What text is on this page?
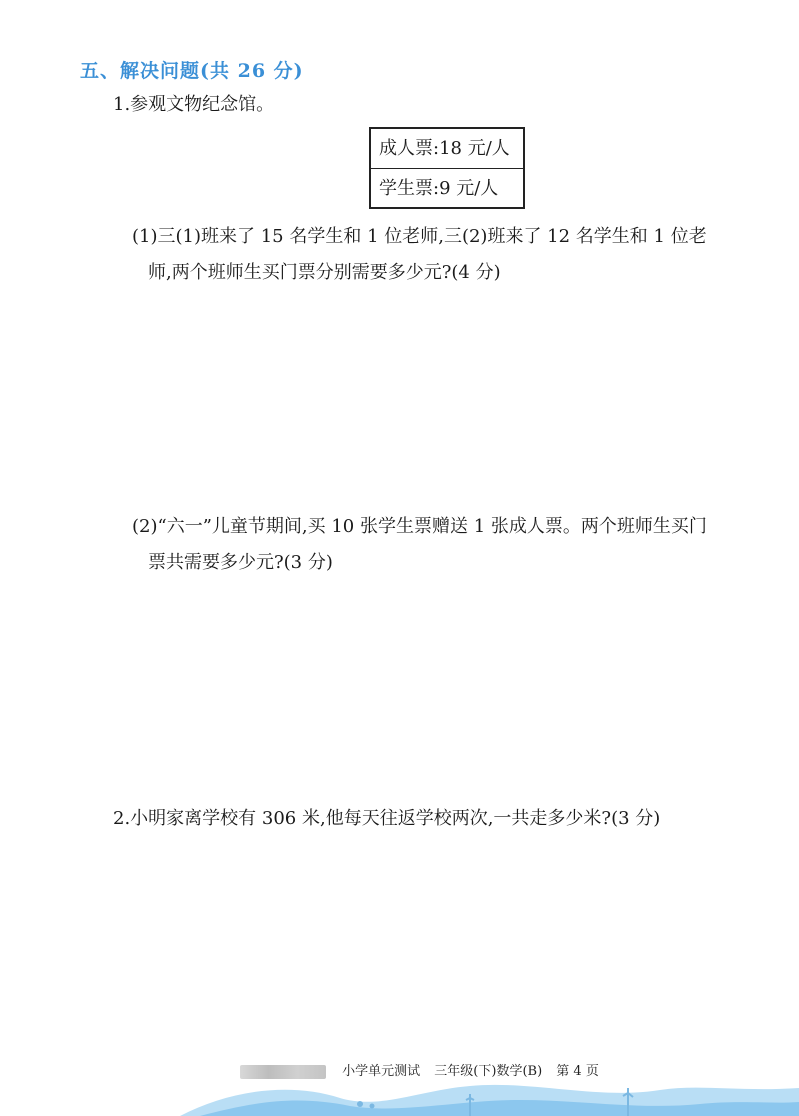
五、解决问题(共 26 分)
1.参观文物纪念馆。
成人票:18 元/人
学生票:9 元/人
(1)三(1)班来了 15 名学生和 1 位老师,三(2)班来了 12 名学生和 1 位老
师,两个班师生买门票分别需要多少元?(4 分)
(2)“六一”儿童节期间,买 10 张学生票赠送 1 张成人票。两个班师生买门
票共需要多少元?(3 分)
2.小明家离学校有 306 米,他每天往返学校两次,一共走多少米?(3 分)
小学单元测试 三年级(下)数学(B) 第 4 页
